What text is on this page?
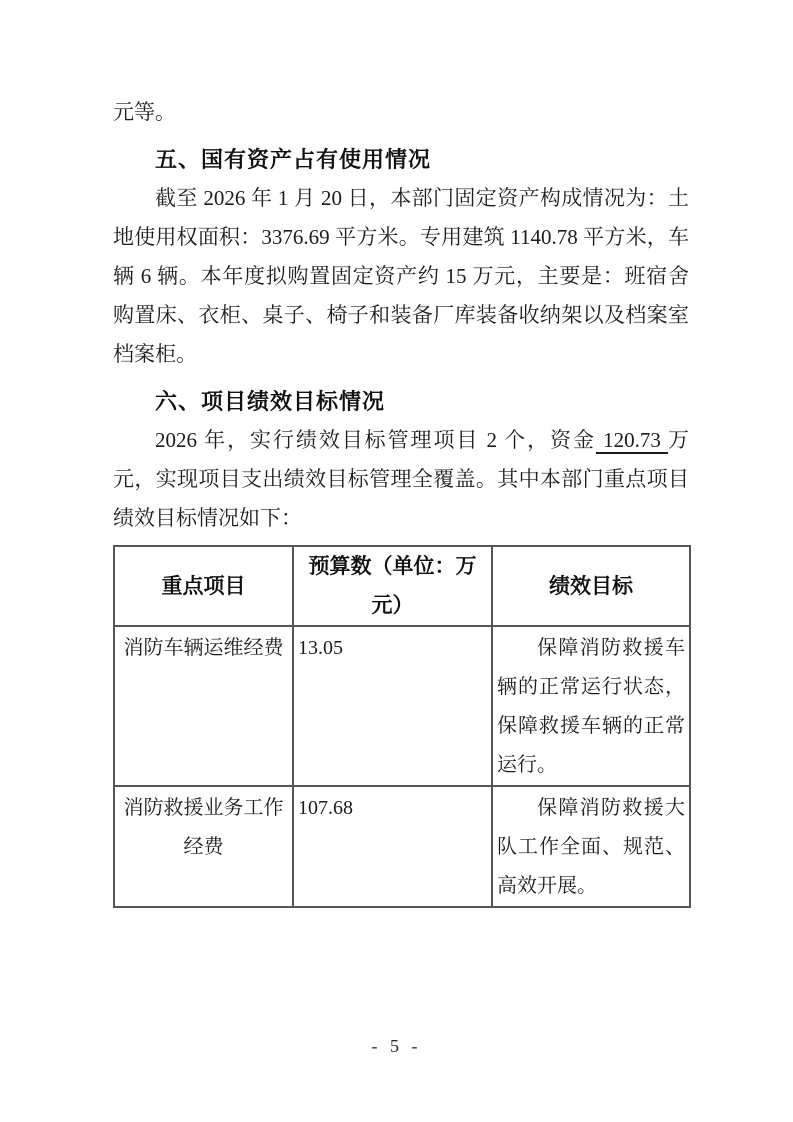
元等。

五、国有资产占有使用情况

截至 2026 年 1 月 20 日，本部门固定资产构成情况为：土地使用权面积：3376.69 平方米。专用建筑 1140.78 平方米，车辆 6 辆。本年度拟购置固定资产约 15 万元，主要是：班宿舍购置床、衣柜、桌子、椅子和装备厂库装备收纳架以及档案室档案柜。

六、项目绩效目标情况

2026 年，实行绩效目标管理项目 2 个，资金 120.73 万元，实现项目支出绩效目标管理全覆盖。其中本部门重点项目绩效目标情况如下：

重点项目	预算数（单位：万元）	绩效目标
消防车辆运维经费	13.05	保障消防救援车辆的正常运行状态，保障救援车辆的正常运行。
消防救援业务工作经费	107.68	保障消防救援大队工作全面、规范、高效开展。
- 5 -
